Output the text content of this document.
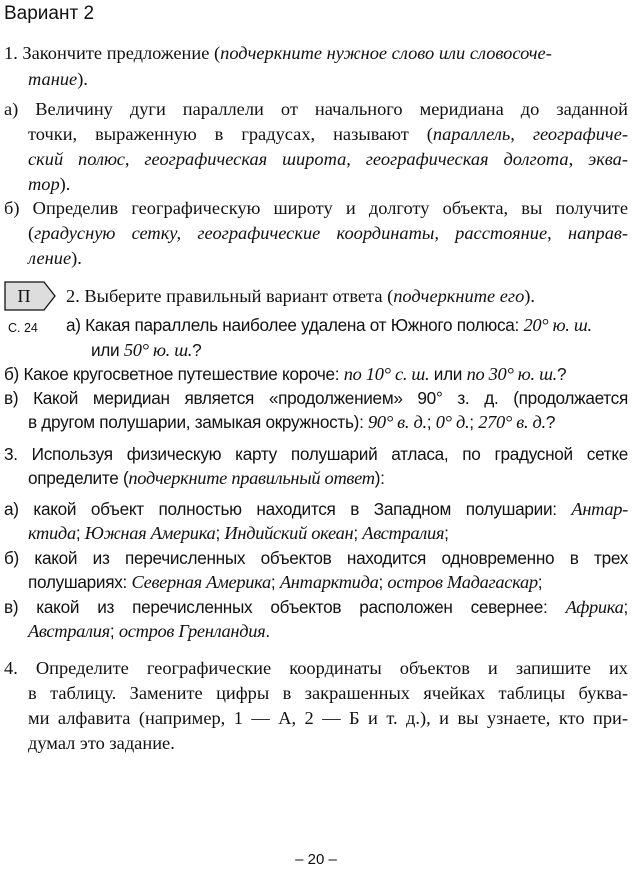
Вариант 2
1. Закончите предложение (подчеркните нужное слово или словосоче-
тание).
а) Величину дуги параллели от начального меридиана до заданной
точки, выраженную в градусах, называют (параллель, географиче-
ский полюс, географическая широта, географическая долгота, эква-
тор).
б) Определив географическую широту и долготу объекта, вы получите
(градусную сетку, географические координаты, расстояние, направ-
ление).
П
С. 24
2. Выберите правильный вариант ответа (подчеркните его).
а) Какая параллель наиболее удалена от Южного полюса: 20° ю. ш.
или 50° ю. ш.?
б) Какое кругосветное путешествие короче: по 10° с. ш. или по 30° ю. ш.?
в) Какой меридиан является «продолжением» 90° з. д. (продолжается
в другом полушарии, замыкая окружность): 90° в. д.; 0° д.; 270° в. д.?
3. Используя физическую карту полушарий атласа, по градусной сетке
определите (подчеркните правильный ответ):
а) какой объект полностью находится в Западном полушарии: Антар-
ктида; Южная Америка; Индийский океан; Австралия;
б) какой из перечисленных объектов находится одновременно в трех
полушариях: Северная Америка; Антарктида; остров Мадагаскар;
в) какой из перечисленных объектов расположен севернее: Африка;
Австралия; остров Гренландия.
4. Определите географические координаты объектов и запишите их
в таблицу. Замените цифры в закрашенных ячейках таблицы буква-
ми алфавита (например, 1 — А, 2 — Б и т. д.), и вы узнаете, кто при-
думал это задание.
– 20 –
